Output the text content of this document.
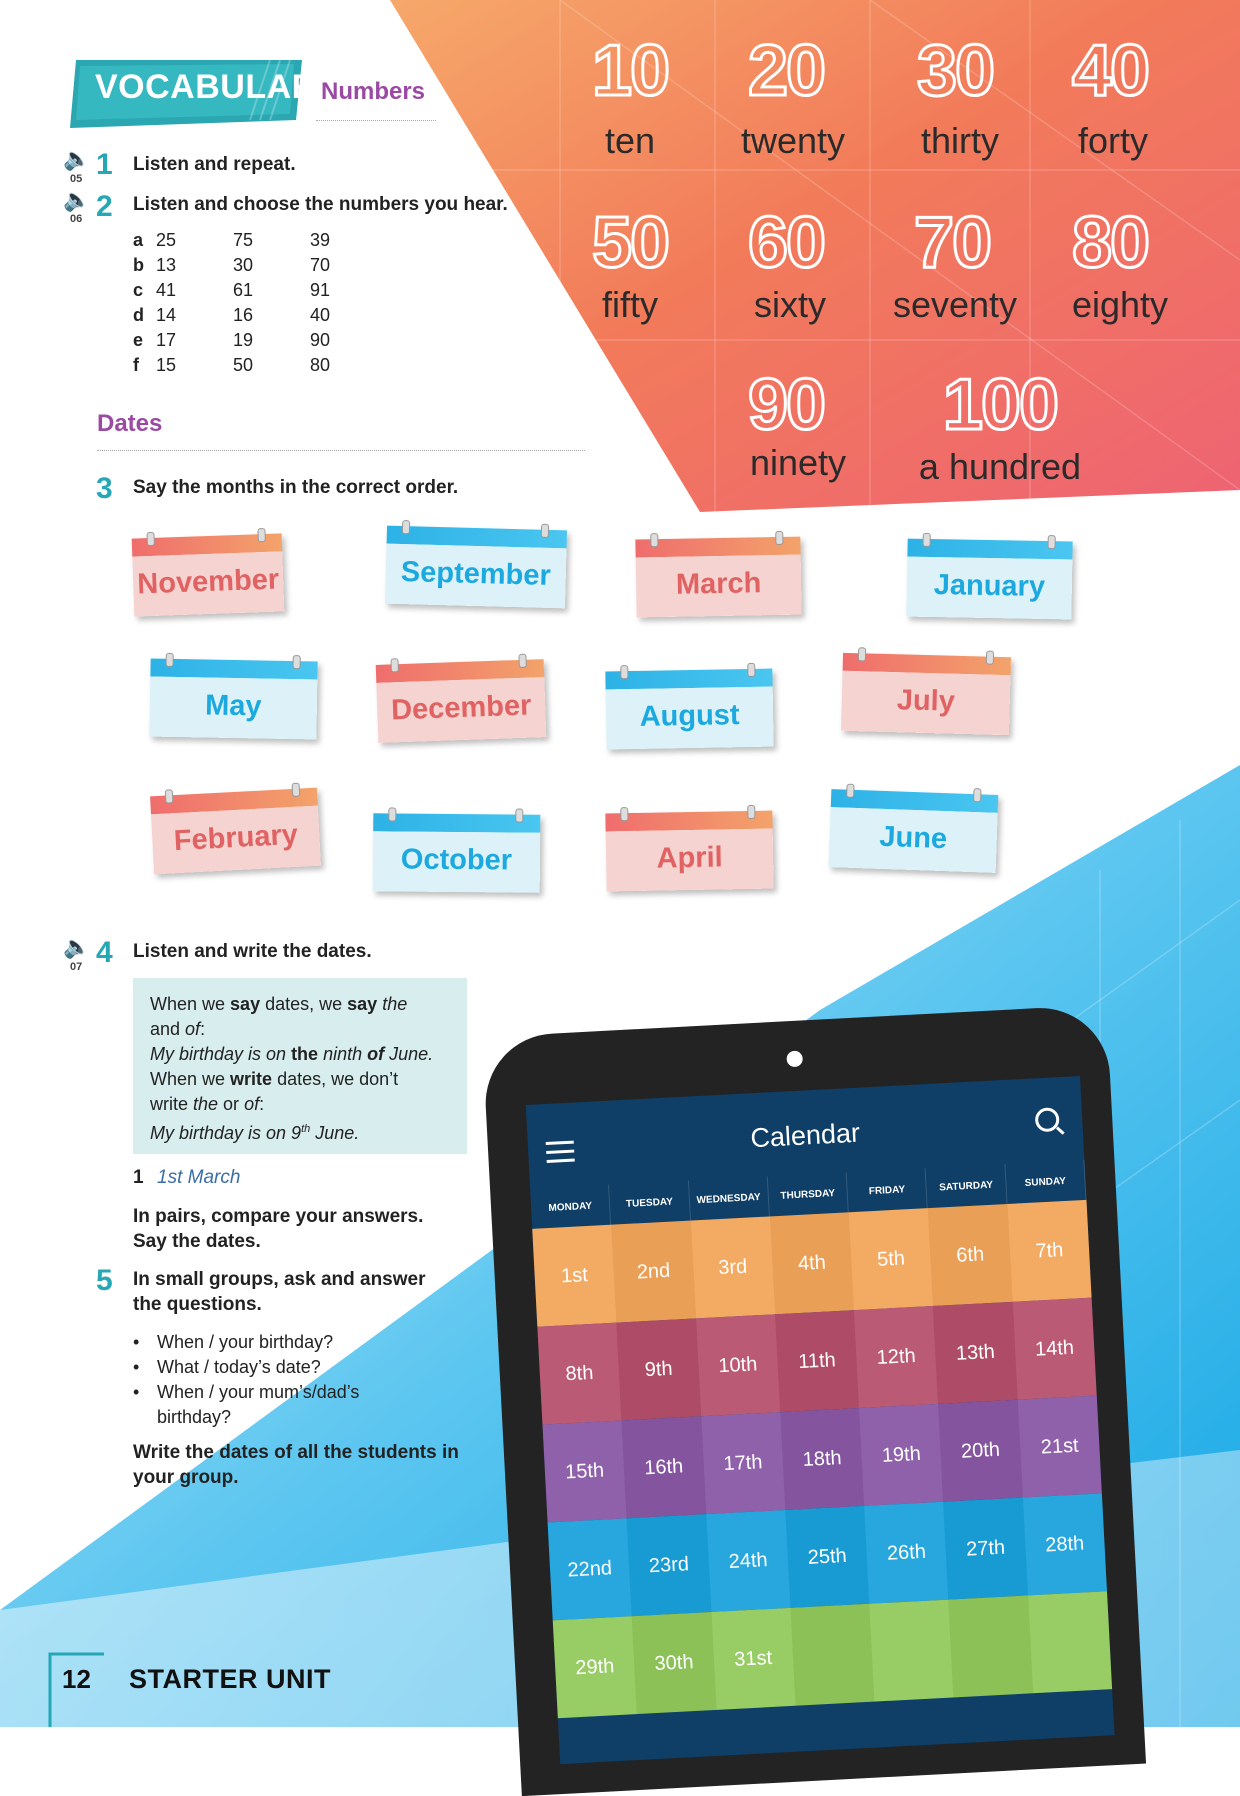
VOCABULARY
Numbers
🔈
05 1 Listen and repeat.
🔈
06 2 Listen and choose the numbers you hear.
a 25	75	39
b 13	30	70
c 41	61	91
d 14	16	40
e 17	19	90
f 15	50	80
10
ten
20
twenty
30
thirty
40
forty
50
fifty
60
sixty
70
seventy
80
eighty
90
ninety
100
a hundred
Dates
3 Say the months in the correct order.
November	September	March	January
May	December	August	July
February
October	April
June
🔈
07 4 Listen and write the dates.

When we say dates, we say the

and of:

My birthday is on the ninth of June.

When we write dates, we don’t

write the or of:

My birthday is on 9th June.

1 1st March
In pairs, compare your answers.
Say the dates.
5 In small groups, ask and answer
the questions.
• When / your birthday?
• What / today’s date?
• When / your mum’s/dad’s
birthday?
Write the dates of all the students in
your group.
Calendar
MONDAY	TUESDAY	WEDNESDAY	THURSDAY	FRIDAY	SATURDAY	SUNDAY
1st	2nd	3rd	4th	5th	6th	7th
8th	9th	10th	11th	12th	13th	14th
15th	16th	17th	18th	19th	20th	21st
22nd	23rd	24th	25th	26th	27th	28th
29th	30th	31st
12 STARTER UNIT
